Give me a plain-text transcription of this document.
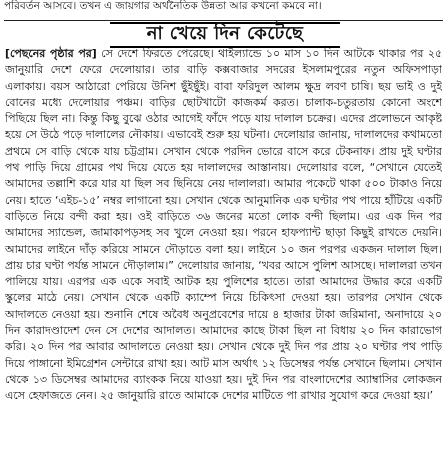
পরিবর্তন আসবে। তখন এ জায়গার অর্থনৈতিক উন্নতা আর কখনো কমবে না।
না খেয়ে দিন কেটেছে
[পেছনের পৃষ্ঠার পর] সে দেশে ফিরতে পেরেছে। থাইল্যান্ডে ১০ মাস ১০ দিন আটকে থাকার পর ২৫ জানুয়ারি দেশে ফেরে দেলোয়ার। তার বাড়ি কক্সবাজার সদরের ইসলামপুরের নতুন অফিসপাড়া এলাকায়। বয়স আঠারো পেরিয়ে উনিশ ছুঁইছুঁই। বাবা ফরিদুল আলম ক্ষুদ্র লবণ চাষি। ছয় ভাই ও দুই বোনের মধ্যে দেলোয়ার পঞ্চম। বাড়ির ছোটখাটো কাজকর্ম করত। চালাক-চতুরতায় কোনো অংশে পিছিয়ে ছিল না। কিন্তু কিছু বুঝে ওঠার আগেই ফাঁদে পড়ে যায় দালাল চক্রের। এদের প্রলোভনে আকৃষ্ট হয়ে সে উঠে পড়ে দালালের নৌকায়। এভাবেই শুরু হয় ঘটনা। দেলোয়ার জানায়, দালালদের কথামতো প্রথমে সে বাড়ি থেকে যায় চট্টগ্রাম। সেখান থেকে পরদিন ভোরে বাসে করে টেকনাফ। প্রায় দুই ঘণ্টার পথ পাড়ি দিয়ে গ্রামের পথ দিয়ে যেতে হয় দালালদের আস্তানায়। দেলোয়ার বলে, “সেখানে যেতেই আমাদের তল্লাশি করে যার যা ছিল সব ছিনিয়ে নেয় দালালরা। আমার পকেটে থাকা ৫০০ টাকাও নিয়ে নেয়। হাতে ‘এইচ-১৫’ নম্বর লাগানো হয়। সেখান থেকে আনুমানিক এক ঘণ্টার পথ পায়ে হাঁটিয়ে একটি বাড়িতে নিয়ে বন্দী করা হয়। ওই বাড়িতে ৩৬ জনের মতো লোক বন্দী ছিলাম। এর এক দিন পর আমাদের স্যান্ডেল, জামাকাপড়সহ সব খুলে নেওয়া হয়। পরনে হাফপ্যান্ট ছাড়া কিছুই রাখতে দেয়নি। আমাদের লাইনে দাঁড় করিয়ে সামনে দৌড়াতে বলা হয়। লাইনে ১০ জন পরপর একজন দালাল ছিল। প্রায় চার ঘণ্টা পর্যন্ত সামনে দৌড়ালাম।” দেলোয়ার জানায়, ‘খবর আসে পুলিশ আসছে। দালালরা তখন পালিয়ে যায়। এরপর এক একে সবাই আটক হয় পুলিশের হাতে। তারা আমাদের উদ্ধার করে একটি স্কুলের মাঠে নেয়। সেখান থেকে একটি ক্যাম্পে নিয়ে চিকিৎসা দেওয়া হয়। তারপর সেখান থেকে আদালতে নেওয়া হয়। শুনানি শেষে অবৈধ অনুপ্রবেশের দায়ে ৪ হাজার টাকা জরিমানা, অনাদায়ে ২০ দিন কারাদণ্ডাদেশ দেন সে দেশের আদালত। আমাদের কাছে টাকা ছিল না বিধায় ২০ দিন কারাভোগ করি। ২০ দিন পর আবার আদালতে নেওয়া হয়। সেখান থেকে দুই দিন পর প্রায় ২০ ঘণ্টার পথ পাড়ি দিয়ে পাঙ্গানো ইমিগ্রেশন সেন্টারে রাখা হয়। আট মাস অর্থাৎ ১২ ডিসেম্বর পর্যন্ত সেখানে ছিলাম। সেখান থেকে ১৩ ডিসেম্বর আমাদের ব্যাংকক নিয়ে যাওয়া হয়। দুই দিন পর বাংলাদেশের অ্যাম্বাসির লোকজন এসে হেফাজতে নেন। ২৫ জানুয়ারি রাতে আমাকে দেশের মাটিতে পা রাখার সুযোগ করে দেওয়া হয়।’
